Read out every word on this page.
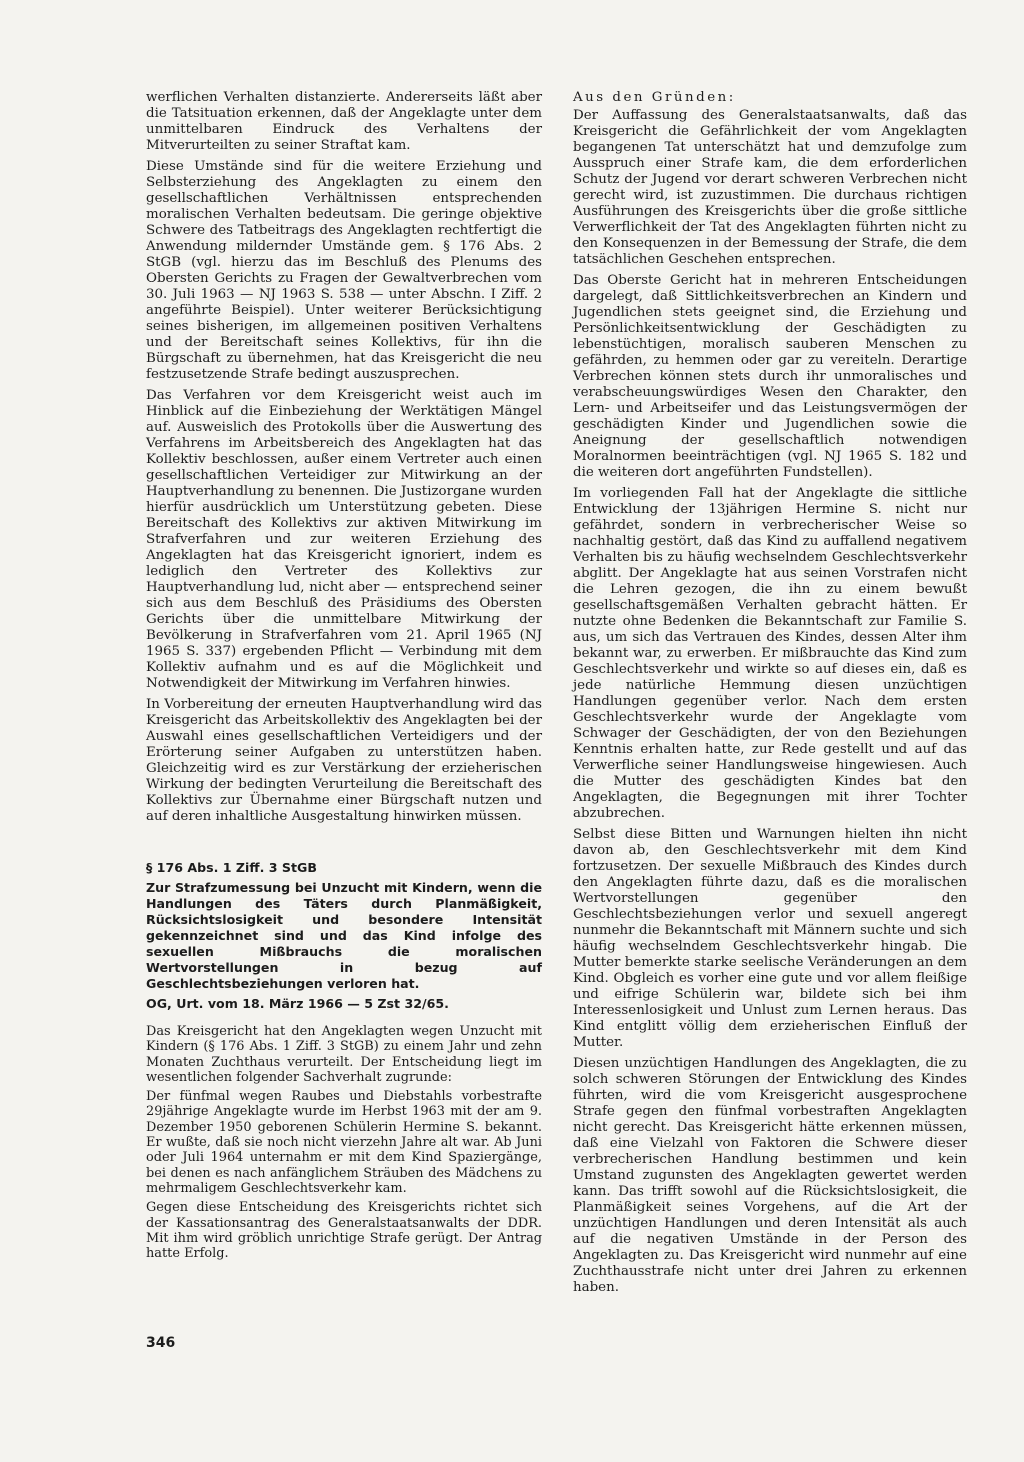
werflichen Verhalten distanzierte. Andererseits läßt aber die Tatsituation erkennen, daß der Angeklagte unter dem unmittelbaren Eindruck des Verhaltens der Mitverurteilten zu seiner Straftat kam.

Diese Umstände sind für die weitere Erziehung und Selbsterziehung des Angeklagten zu einem den gesellschaftlichen Verhältnissen entsprechenden moralischen Verhalten bedeutsam. Die geringe objektive Schwere des Tatbeitrags des Angeklagten rechtfertigt die Anwendung mildernder Umstände gem. § 176 Abs. 2 StGB (vgl. hierzu das im Beschluß des Plenums des Obersten Gerichts zu Fragen der Gewaltverbrechen vom 30. Juli 1963 — NJ 1963 S. 538 — unter Abschn. I Ziff. 2 angeführte Beispiel). Unter weiterer Berücksichtigung seines bisherigen, im allgemeinen positiven Verhaltens und der Bereitschaft seines Kollektivs, für ihn die Bürgschaft zu übernehmen, hat das Kreisgericht die neu festzusetzende Strafe bedingt auszusprechen.

Das Verfahren vor dem Kreisgericht weist auch im Hinblick auf die Einbeziehung der Werktätigen Mängel auf. Ausweislich des Protokolls über die Auswertung des Verfahrens im Arbeitsbereich des Angeklagten hat das Kollektiv beschlossen, außer einem Vertreter auch einen gesellschaftlichen Verteidiger zur Mitwirkung an der Hauptverhandlung zu benennen. Die Justizorgane wurden hierfür ausdrücklich um Unterstützung gebeten. Diese Bereitschaft des Kollektivs zur aktiven Mitwirkung im Strafverfahren und zur weiteren Erziehung des Angeklagten hat das Kreisgericht ignoriert, indem es lediglich den Vertreter des Kollektivs zur Hauptverhandlung lud, nicht aber — entsprechend seiner sich aus dem Beschluß des Präsidiums des Obersten Gerichts über die unmittelbare Mitwirkung der Bevölkerung in Strafverfahren vom 21. April 1965 (NJ 1965 S. 337) ergebenden Pflicht — Verbindung mit dem Kollektiv aufnahm und es auf die Möglichkeit und Notwendigkeit der Mitwirkung im Verfahren hinwies.

In Vorbereitung der erneuten Hauptverhandlung wird das Kreisgericht das Arbeitskollektiv des Angeklagten bei der Auswahl eines gesellschaftlichen Verteidigers und der Erörterung seiner Aufgaben zu unterstützen haben. Gleichzeitig wird es zur Verstärkung der erzieherischen Wirkung der bedingten Verurteilung die Bereitschaft des Kollektivs zur Übernahme einer Bürgschaft nutzen und auf deren inhaltliche Ausgestaltung hinwirken müssen.

§ 176 Abs. 1 Ziff. 3 StGB
Zur Strafzumessung bei Unzucht mit Kindern, wenn die Handlungen des Täters durch Planmäßigkeit, Rücksichtslosigkeit und besondere Intensität gekennzeichnet sind und das Kind infolge des sexuellen Mißbrauchs die moralischen Wertvorstellungen in bezug auf Geschlechtsbeziehungen verloren hat.
OG, Urt. vom 18. März 1966 — 5 Zst 32/65.

Das Kreisgericht hat den Angeklagten wegen Unzucht mit Kindern (§ 176 Abs. 1 Ziff. 3 StGB) zu einem Jahr und zehn Monaten Zuchthaus verurteilt. Der Entscheidung liegt im wesentlichen folgender Sachverhalt zugrunde:

Der fünfmal wegen Raubes und Diebstahls vorbestrafte 29jährige Angeklagte wurde im Herbst 1963 mit der am 9. Dezember 1950 geborenen Schülerin Hermine S. bekannt. Er wußte, daß sie noch nicht vierzehn Jahre alt war. Ab Juni oder Juli 1964 unternahm er mit dem Kind Spaziergänge, bei denen es nach anfänglichem Sträuben des Mädchens zu mehrmaligem Geschlechtsverkehr kam.

Gegen diese Entscheidung des Kreisgerichts richtet sich der Kassationsantrag des Generalstaatsanwalts der DDR. Mit ihm wird gröblich unrichtige Strafe gerügt. Der Antrag hatte Erfolg.

Aus den Gründen:

Der Auffassung des Generalstaatsanwalts, daß das Kreisgericht die Gefährlichkeit der vom Angeklagten begangenen Tat unterschätzt hat und demzufolge zum Ausspruch einer Strafe kam, die dem erforderlichen Schutz der Jugend vor derart schweren Verbrechen nicht gerecht wird, ist zuzustimmen. Die durchaus richtigen Ausführungen des Kreisgerichts über die große sittliche Verwerflichkeit der Tat des Angeklagten führten nicht zu den Konsequenzen in der Bemessung der Strafe, die dem tatsächlichen Geschehen entsprechen.

Das Oberste Gericht hat in mehreren Entscheidungen dargelegt, daß Sittlichkeitsverbrechen an Kindern und Jugendlichen stets geeignet sind, die Erziehung und Persönlichkeitsentwicklung der Geschädigten zu lebenstüchtigen, moralisch sauberen Menschen zu gefährden, zu hemmen oder gar zu vereiteln. Derartige Verbrechen können stets durch ihr unmoralisches und verabscheuungswürdiges Wesen den Charakter, den Lern- und Arbeitseifer und das Leistungsvermögen der geschädigten Kinder und Jugendlichen sowie die Aneignung der gesellschaftlich notwendigen Moralnormen beeinträchtigen (vgl. NJ 1965 S. 182 und die weiteren dort angeführten Fundstellen).

Im vorliegenden Fall hat der Angeklagte die sittliche Entwicklung der 13jährigen Hermine S. nicht nur gefährdet, sondern in verbrecherischer Weise so nachhaltig gestört, daß das Kind zu auffallend negativem Verhalten bis zu häufig wechselndem Geschlechtsverkehr abglitt. Der Angeklagte hat aus seinen Vorstrafen nicht die Lehren gezogen, die ihn zu einem bewußt gesellschaftsgemäßen Verhalten gebracht hätten. Er nutzte ohne Bedenken die Bekanntschaft zur Familie S. aus, um sich das Vertrauen des Kindes, dessen Alter ihm bekannt war, zu erwerben. Er mißbrauchte das Kind zum Geschlechtsverkehr und wirkte so auf dieses ein, daß es jede natürliche Hemmung diesen unzüchtigen Handlungen gegenüber verlor. Nach dem ersten Geschlechtsverkehr wurde der Angeklagte vom Schwager der Geschädigten, der von den Beziehungen Kenntnis erhalten hatte, zur Rede gestellt und auf das Verwerfliche seiner Handlungsweise hingewiesen. Auch die Mutter des geschädigten Kindes bat den Angeklagten, die Begegnungen mit ihrer Tochter abzubrechen.

Selbst diese Bitten und Warnungen hielten ihn nicht davon ab, den Geschlechtsverkehr mit dem Kind fortzusetzen. Der sexuelle Mißbrauch des Kindes durch den Angeklagten führte dazu, daß es die moralischen Wertvorstellungen gegenüber den Geschlechtsbeziehungen verlor und sexuell angeregt nunmehr die Bekanntschaft mit Männern suchte und sich häufig wechselndem Geschlechtsverkehr hingab. Die Mutter bemerkte starke seelische Veränderungen an dem Kind. Obgleich es vorher eine gute und vor allem fleißige und eifrige Schülerin war, bildete sich bei ihm Interessenlosigkeit und Unlust zum Lernen heraus. Das Kind entglitt völlig dem erzieherischen Einfluß der Mutter.

Diesen unzüchtigen Handlungen des Angeklagten, die zu solch schweren Störungen der Entwicklung des Kindes führten, wird die vom Kreisgericht ausgesprochene Strafe gegen den fünfmal vorbestraften Angeklagten nicht gerecht. Das Kreisgericht hätte erkennen müssen, daß eine Vielzahl von Faktoren die Schwere dieser verbrecherischen Handlung bestimmen und kein Umstand zugunsten des Angeklagten gewertet werden kann. Das trifft sowohl auf die Rücksichtslosigkeit, die Planmäßigkeit seines Vorgehens, auf die Art der unzüchtigen Handlungen und deren Intensität als auch auf die negativen Umstände in der Person des Angeklagten zu. Das Kreisgericht wird nunmehr auf eine Zuchthausstrafe nicht unter drei Jahren zu erkennen haben.

346
